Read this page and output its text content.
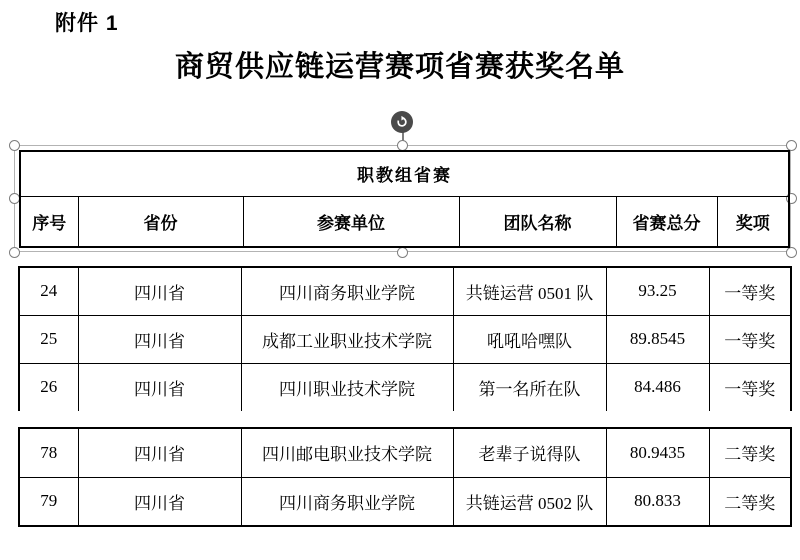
附件 1
商贸供应链运营赛项省赛获奖名单
职教组省赛
序号	省份	参赛单位	团队名称	省赛总分	奖项
24	四川省	四川商务职业学院	共链运营 0501 队	93.25	一等奖
25	四川省	成都工业职业技术学院	吼吼哈嘿队	89.8545	一等奖
26	四川省	四川职业技术学院	第一名所在队	84.486	一等奖
78	四川省	四川邮电职业技术学院	老辈子说得队	80.9435	二等奖
79	四川省	四川商务职业学院	共链运营 0502 队	80.833	二等奖
